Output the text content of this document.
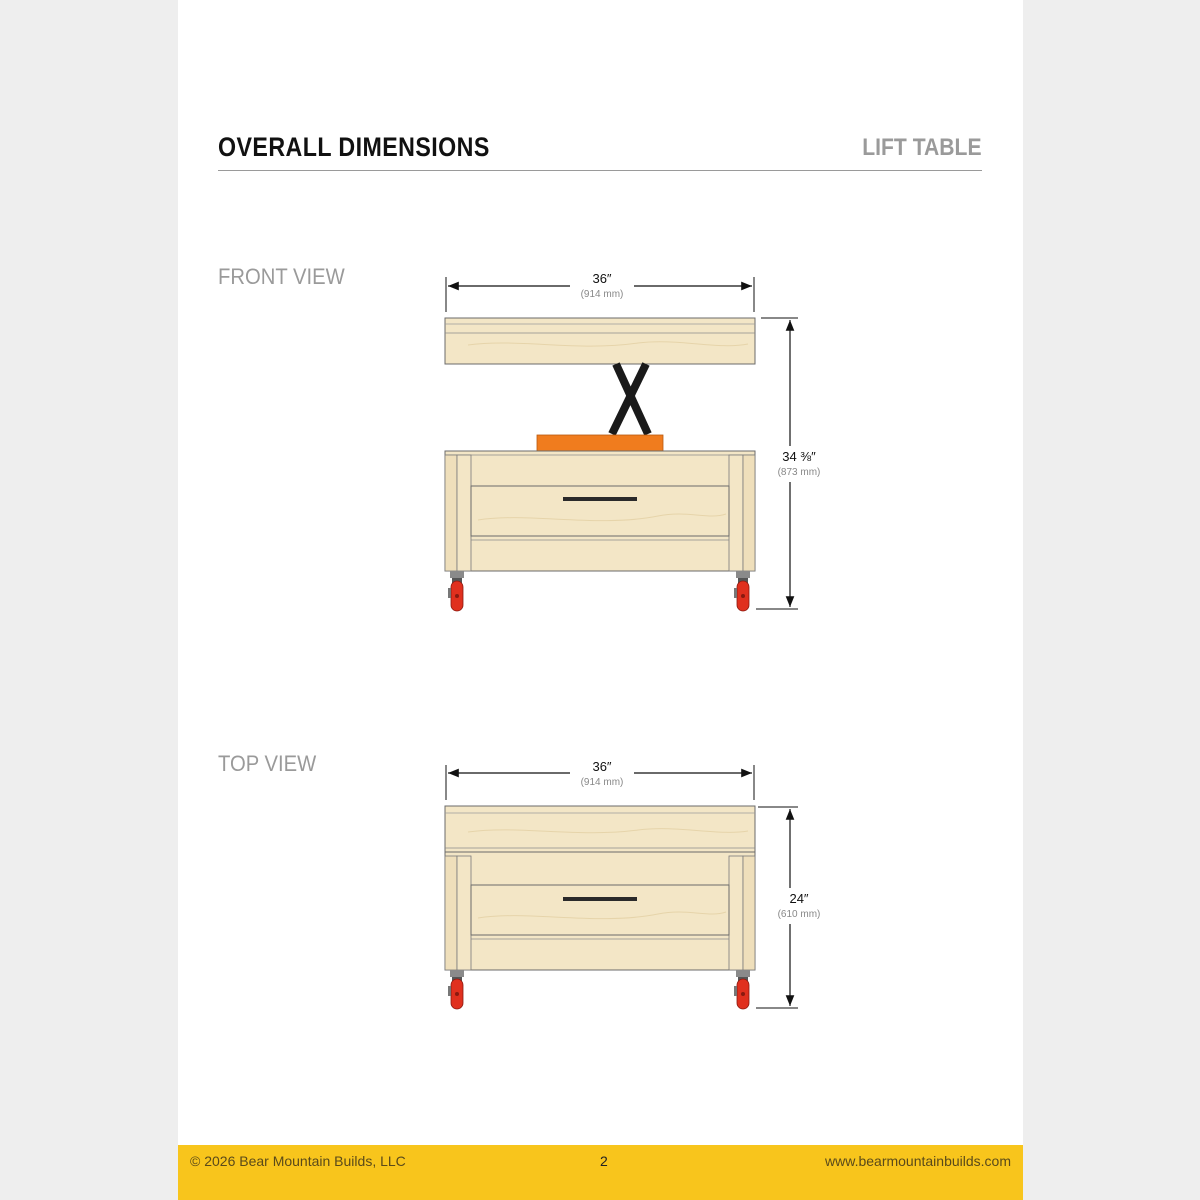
OVERALL DIMENSIONS	LIFT TABLE
FRONT VIEW
TOP VIEW
36″
(914 mm)
34 ⅜″
(873 mm)
36″
(914 mm)
24″
(610 mm)
© 2026 Bear Mountain Builds, LLC	2	www.bearmountainbuilds.com
